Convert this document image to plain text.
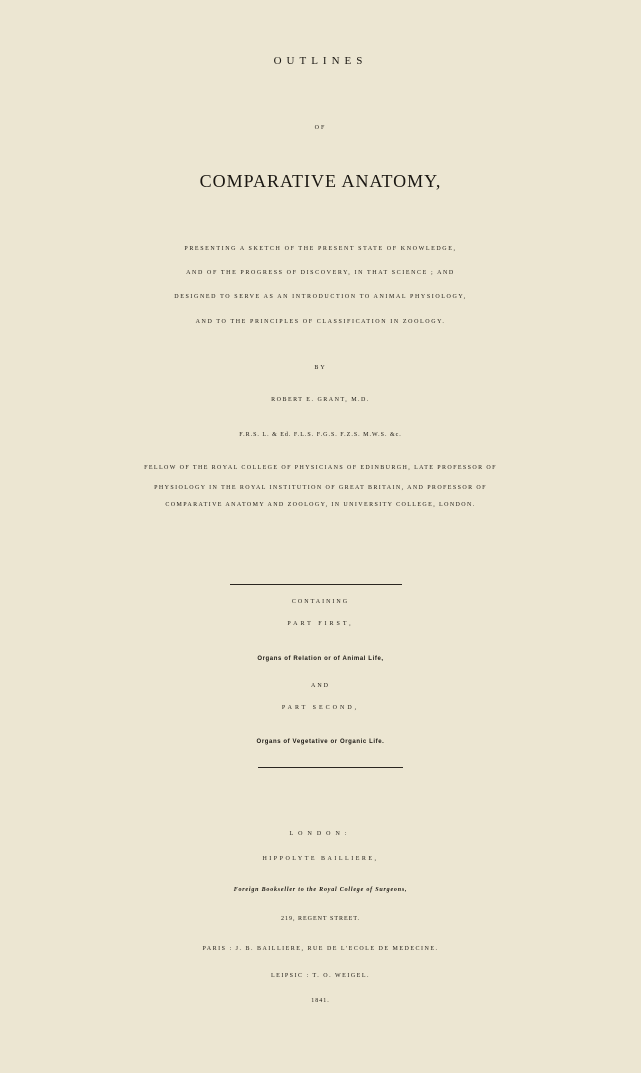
OUTLINES
OF
COMPARATIVE ANATOMY,
PRESENTING A SKETCH OF THE PRESENT STATE OF KNOWLEDGE,
AND OF THE PROGRESS OF DISCOVERY, IN THAT SCIENCE ; AND
DESIGNED TO SERVE AS AN INTRODUCTION TO ANIMAL PHYSIOLOGY,
AND TO THE PRINCIPLES OF CLASSIFICATION IN ZOOLOGY.
BY
ROBERT E. GRANT, M.D.
F.R.S. L. & Ed. F.L.S. F.G.S. F.Z.S. M.W.S. &c.
FELLOW OF THE ROYAL COLLEGE OF PHYSICIANS OF EDINBURGH, LATE PROFESSOR OF
PHYSIOLOGY IN THE ROYAL INSTITUTION OF GREAT BRITAIN, AND PROFESSOR OF
COMPARATIVE ANATOMY AND ZOOLOGY, IN UNIVERSITY COLLEGE, LONDON.
CONTAINING
PART FIRST,
Organs of Relation or of Animal Life,
AND
PART SECOND,
Organs of Vegetative or Organic Life.
LONDON:
HIPPOLYTE BAILLIERE,
Foreign Bookseller to the Royal College of Surgeons,
219, REGENT STREET.
PARIS : J. B. BAILLIERE, RUE DE L'ECOLE DE MEDECINE.
LEIPSIC : T. O. WEIGEL.
1841.
